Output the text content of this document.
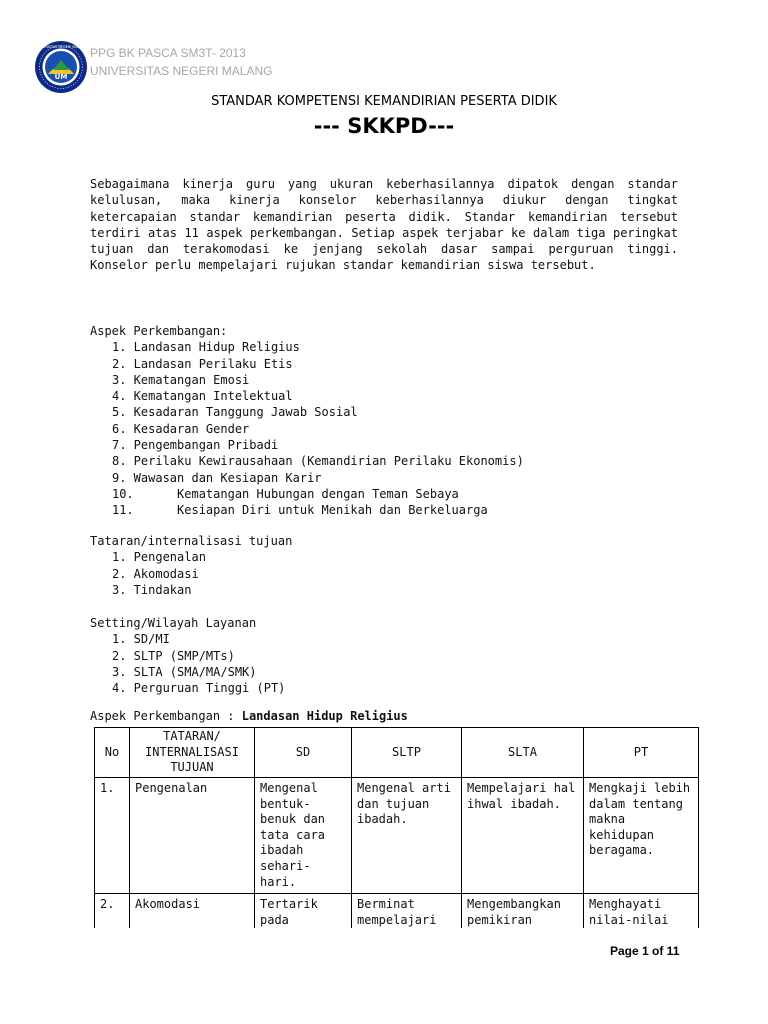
UM
UNIVERSITAS NEGERI MALANG PPG BK PASCA SM3T- 2013
UNIVERSITAS NEGERI MALANG
STANDAR KOMPETENSI KEMANDIRIAN PESERTA DIDIK
--- SKKPD---

Sebagaimana kinerja guru yang ukuran keberhasilannya dipatok dengan standar kelulusan, maka kinerja konselor keberhasilannya diukur dengan tingkat ketercapaian standar kemandirian peserta didik. Standar kemandirian tersebut terdiri atas 11 aspek perkembangan. Setiap aspek terjabar ke dalam tiga peringkat tujuan dan terakomodasi ke jenjang sekolah dasar sampai perguruan tinggi. Konselor perlu mempelajari rujukan standar kemandirian siswa tersebut.

Aspek Perkembangan:

1. Landasan Hidup Religius
2. Landasan Perilaku Etis
3. Kematangan Emosi
4. Kematangan Intelektual
5. Kesadaran Tanggung Jawab Sosial
6. Kesadaran Gender
7. Pengembangan Pribadi
8. Perilaku Kewirausahaan (Kemandirian Perilaku Ekonomis)
9. Wawasan dan Kesiapan Karir
10.      Kematangan Hubungan dengan Teman Sebaya
11.      Kesiapan Diri untuk Menikah dan Berkeluarga

Tataran/internalisasi tujuan

1. Pengenalan
2. Akomodasi
3. Tindakan

Setting/Wilayah Layanan

1. SD/MI
2. SLTP (SMP/MTs)
3. SLTA (SMA/MA/SMK)
4. Perguruan Tinggi (PT)
Aspek Perkembangan : Landasan Hidup Religius
No	TATARAN/ INTERNALISASI TUJUAN	SD	SLTP	SLTA	PT
1.	Pengenalan	Mengenal bentuk-benuk dan tata cara ibadah sehari-hari.	Mengenal arti dan tujuan ibadah.	Mempelajari hal ihwal ibadah.	Mengkaji lebih dalam tentang makna kehidupan beragama.
2.	Akomodasi	Tertarik pada	Berminat mempelajari	Mengembangkan pemikiran	Menghayati nilai-nilai
Page 1 of 11
